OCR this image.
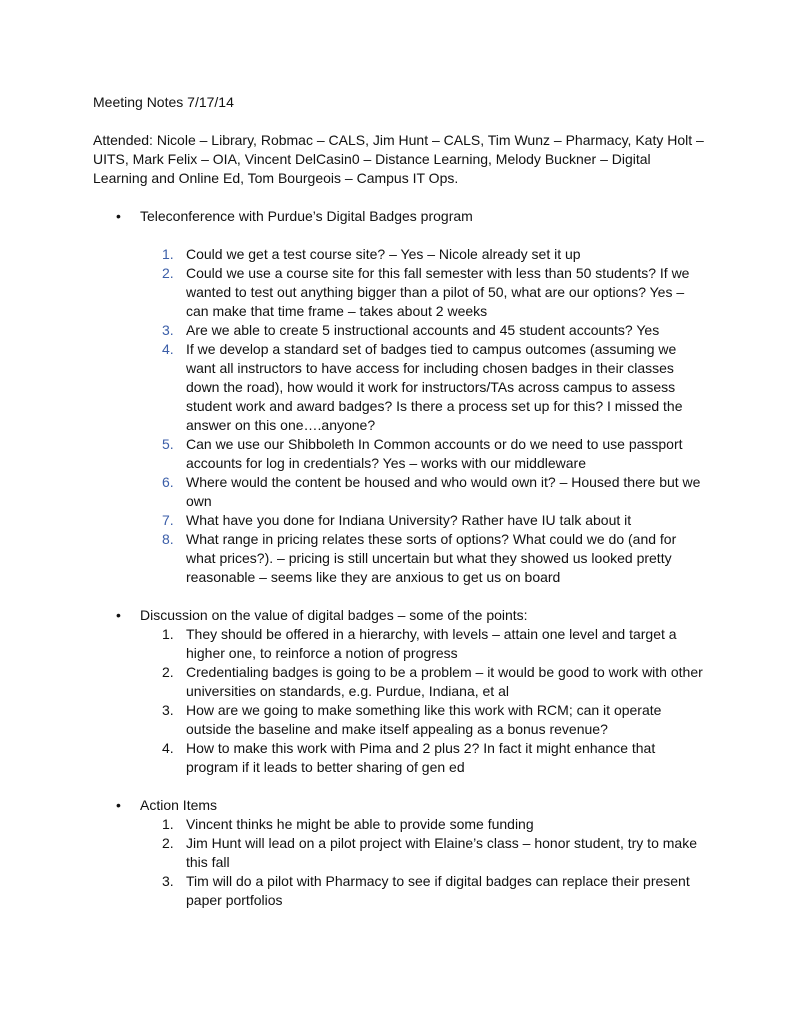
Meeting Notes 7/17/14

Attended: Nicole – Library, Robmac – CALS, Jim Hunt – CALS, Tim Wunz – Pharmacy, Katy Holt – UITS, Mark Felix – OIA, Vincent DelCasin0 – Distance Learning, Melody Buckner – Digital Learning and Online Ed, Tom Bourgeois – Campus IT Ops.

•	Teleconference with Purdue’s Digital Badges program

1. Could we get a test course site? – Yes – Nicole already set it up
2. Could we use a course site for this fall semester with less than 50 students? If we wanted to test out anything bigger than a pilot of 50, what are our options? Yes – can make that time frame – takes about 2 weeks
3. Are we able to create 5 instructional accounts and 45 student accounts? Yes
4. If we develop a standard set of badges tied to campus outcomes (assuming we want all instructors to have access for including chosen badges in their classes down the road), how would it work for instructors/TAs across campus to assess student work and award badges? Is there a process set up for this? I missed the answer on this one….anyone?
5. Can we use our Shibboleth In Common accounts or do we need to use passport accounts for log in credentials? Yes – works with our middleware
6. Where would the content be housed and who would own it? – Housed there but we own
7. What have you done for Indiana University? Rather have IU talk about it
8. What range in pricing relates these sorts of options? What could we do (and for what prices?). – pricing is still uncertain but what they showed us looked pretty reasonable – seems like they are anxious to get us on board

•	Discussion on the value of digital badges – some of the points:

1. They should be offered in a hierarchy, with levels – attain one level and target a higher one, to reinforce a notion of progress
2. Credentialing badges is going to be a problem – it would be good to work with other universities on standards, e.g. Purdue, Indiana, et al
3. How are we going to make something like this work with RCM; can it operate outside the baseline and make itself appealing as a bonus revenue?
4. How to make this work with Pima and 2 plus 2? In fact it might enhance that program if it leads to better sharing of gen ed

•	Action Items

1. Vincent thinks he might be able to provide some funding
2. Jim Hunt will lead on a pilot project with Elaine’s class – honor student, try to make this fall
3. Tim will do a pilot with Pharmacy to see if digital badges can replace their present paper portfolios
